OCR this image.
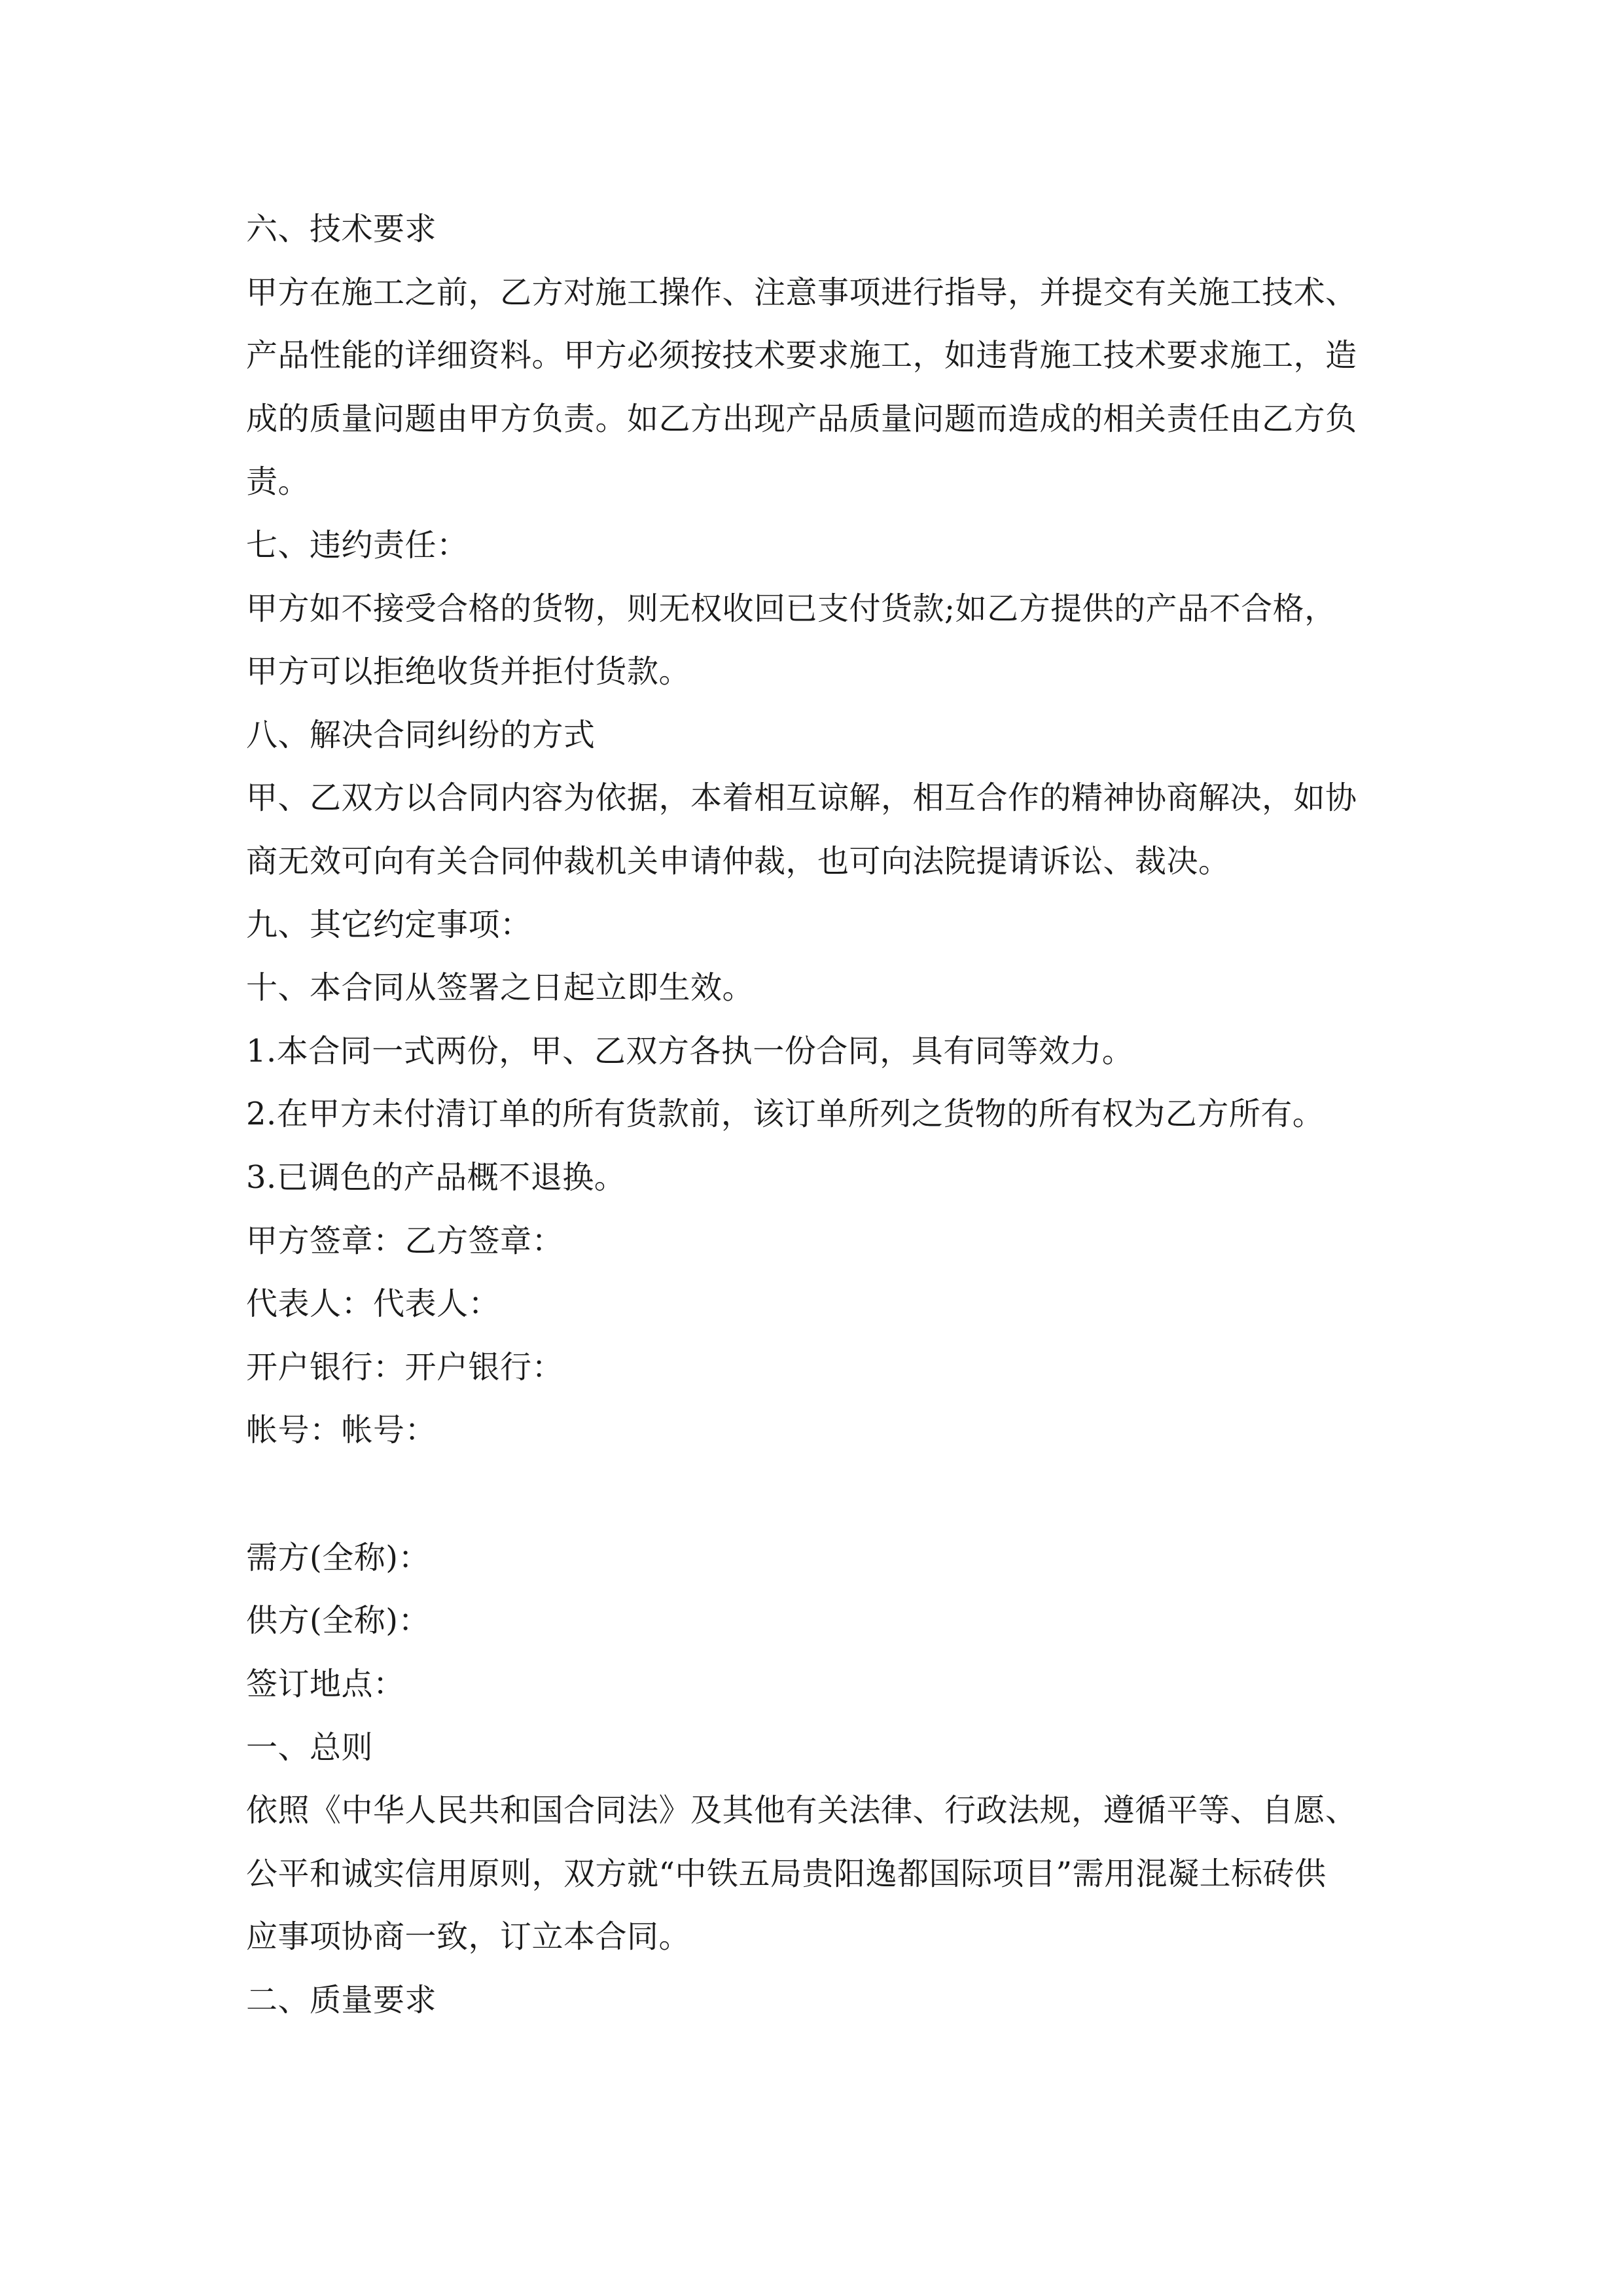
六、技术要求
甲方在施工之前，乙方对施工操作、注意事项进行指导，并提交有关施工技术、
产品性能的详细资料。甲方必须按技术要求施工，如违背施工技术要求施工，造
成的质量问题由甲方负责。如乙方出现产品质量问题而造成的相关责任由乙方负
责。
七、违约责任：
甲方如不接受合格的货物，则无权收回已支付货款;如乙方提供的产品不合格，
甲方可以拒绝收货并拒付货款。
八、解决合同纠纷的方式
甲、乙双方以合同内容为依据，本着相互谅解，相互合作的精神协商解决，如协
商无效可向有关合同仲裁机关申请仲裁，也可向法院提请诉讼、裁决。
九、其它约定事项：
十、本合同从签署之日起立即生效。
1.本合同一式两份，甲、乙双方各执一份合同，具有同等效力。
2.在甲方未付清订单的所有货款前，该订单所列之货物的所有权为乙方所有。
3.已调色的产品概不退换。
甲方签章：乙方签章：
代表人：代表人：
开户银行：开户银行：
帐号：帐号：
需方(全称)：
供方(全称)：
签订地点：
一、总则
依照《中华人民共和国合同法》及其他有关法律、行政法规，遵循平等、自愿、
公平和诚实信用原则，双方就“中铁五局贵阳逸都国际项目”需用混凝土标砖供
应事项协商一致，订立本合同。
二、质量要求
